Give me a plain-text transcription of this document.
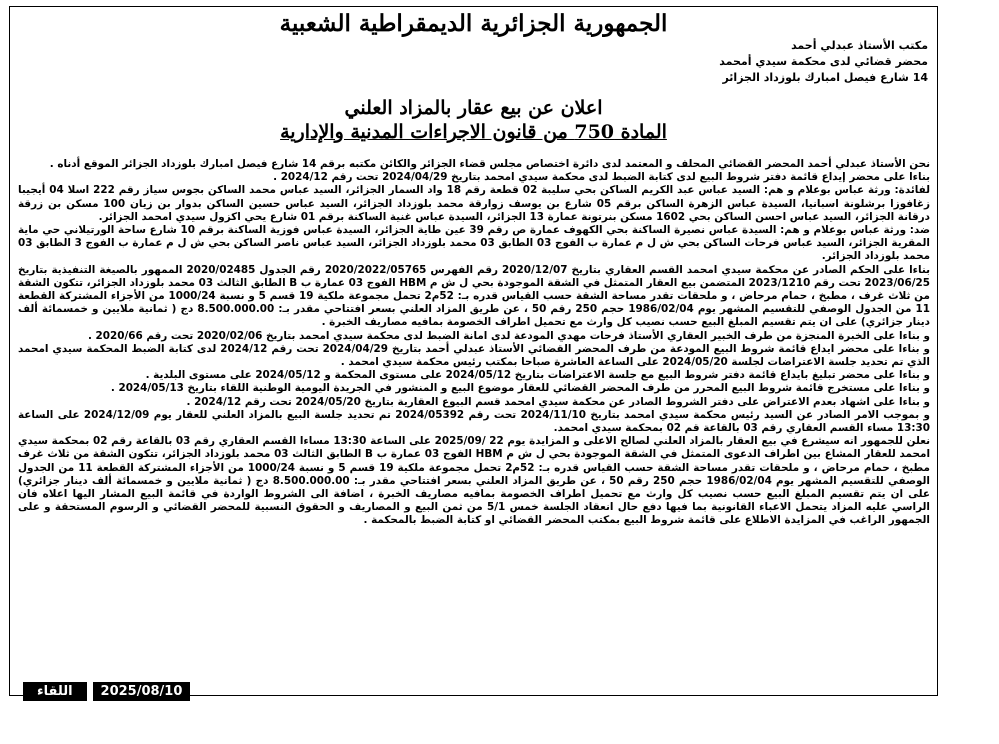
الجمهورية الجزائرية الديمقراطية الشعبية
مكتب الأستاذ عبدلي أحمد
محضر قضائي لدى محكمة سيدي أمحمد
14 شارع فيصل امبارك بلوزداد الجزائر
اعلان عن بيع عقار بالمزاد العلني
المادة 750 من قانون الاجراءات المدنية والإدارية

نحن الأستاذ عبدلي أحمد المحضر القضائي المحلف و المعتمد لدى دائرة اختصاص مجلس قضاء الجزائر والكائن مكتبه برقم 14 شارع فيصل امبارك بلوزداد الجزائر الموقع أدناه .

بناءا على محضر إيداع قائمة دفتر شروط البيع لدى كتابة الضبط لدى محكمة سيدي امحمد بتاريخ 2024/04/29 تحت رقم 2024/12 .

لفائدة: ورثة عباس بوعلام و هم: السيد عباس عبد الكريم الساكن بحي سليبة 02 قطعة رقم 18 واد السمار الجزائر، السيد عباس محمد الساكن بجوس سياز رقم 222 اسلا 04 أيجيبا زغافوزا برشلونة اسبانيا، السيدة عباس الزهرة الساكن برقم 05 شارع بن يوسف زوارقة محمد بلوزداد الجزائر، السيد عباس حسين الساكن بدوار بن زيان 100 مسكن بن زرقة درقانة الجزائر، السيد عباس احسن الساكن بحي 1602 مسكن بنرتونة عمارة 13 الجزائر، السيدة عباس غنية الساكنة برقم 01 شارع يحي اكزول سيدي امحمد الجزائر.

ضد: ورثة عباس بوعلام و هم: السيدة عباس نصيرة الساكنة بحي الكهوف عمارة ص رقم 39 عين طاية الجزائر، السيدة عباس فوزية الساكنة برقم 10 شارع ساحة الورتيلاني حي ماية المقرية الجزائر، السيد عباس فرحات الساكن بحي ش ل م عمارة ب الفوج 03 الطابق 03 محمد بلوزداد الجزائر، السيد عباس ناصر الساكن بحي ش ل م عمارة ب الفوج 3 الطابق 03 محمد بلوزداد الجزائر.

بناءا على الحكم الصادر عن محكمة سيدي امحمد القسم العقاري بتاريخ 2020/12/07 رقم الفهرس 2020/2022/05765 رقم الجدول 2020/02485 الممهور بالصيغة التنفيذية بتاريخ 2023/06/25 تحت رقم 2023/1210 المتضمن بيع العقار المتمثل في الشقة الموجودة بحي ل ش م HBM الفوج 03 عمارة ب B الطابق الثالث 03 محمد بلوزداد الجزائر، تتكون الشقة من ثلاث غرف ، مطبخ ، حمام مرحاض ، و ملحقات تقدر مساحة الشقة حسب القياس قدره بـ: 52م2 تحمل مجموعة ملكية 19 قسم 5 و نسبة 1000/24 من الأجزاء المشتركة القطعة 11 من الجدول الوصفي للتقسيم المشهر يوم 1986/02/04 حجم 250 رقم 50 ، عن طريق المزاد العلني بسعر افتتاحي مقدر بـ: 8.500.000.00 دج ( ثمانية ملايين و خمسمائة ألف دينار جزائري) على ان يتم تقسيم المبلغ البيع حسب نصيب كل وارث مع تحميل اطراف الخصومة بمافيه مصاريف الخبرة .

و بناءا على الخبرة المنجزة من طرف الخبير العقاري الأستاذ فرحات مهدي المودعة لدى امانة الضبط لدى محكمة سيدي امحمد بتاريخ 2020/02/06 تحت رقم 2020/66 .

و بناءا على محضر ايداع قائمة شروط البيع المودعة من طرف المحضر القضائي الأستاذ عبدلي أحمد بتاريخ 2024/04/29 تحت رقم 2024/12 لدى كتابة الضبط المحكمة سيدي امحمد الذي تم تحديد جلسة الاعتراضات لجلسة 2024/05/20 على الساعة العاشرة صباحا بمكتب رئيس محكمة سيدي امحمد .

و بناءا على محضر تبليغ بايداع قائمة دفتر شروط البيع مع جلسة الاعتراضات بتاريخ 2024/05/12 على مستوى المحكمة و 2024/05/12 على مستوى البلدية .

و بناءا على مستخرج قائمة شروط البيع المحرر من طرف المحضر القضائي للعقار موضوع البيع و المنشور في الجريدة اليومية الوطنية اللقاء بتاريخ 2024/05/13 .

و بناءا على اشهاد بعدم الاعتراض على دفتر الشروط الصادر عن محكمة سيدي امحمد قسم البيوع العقارية بتاريخ 2024/05/20 تحت رقم 2024/12 .

و بموجب الامر الصادر عن السيد رئيس محكمة سيدي امحمد بتاريخ 2024/11/10 تحت رقم 2024/05392 تم تحديد جلسة البيع بالمزاد العلني للعقار يوم 2024/12/09 على الساعة 13:30 مساء القسم العقاري رقم 03 بالقاعة قم 02 بمحكمة سيدي امحمد.

نعلن للجمهور انه سيشرع في بيع العقار بالمزاد العلني لصالح الاعلى و المزايدة يوم 22 /2025/09 على الساعة 13:30 مساءا القسم العقاري رقم 03 بالقاعة رقم 02 بمحكمة سيدي امحمد للعقار المشاع بين اطراف الدعوى المتمثل في الشقة الموجودة بحي ل ش م HBM الفوج 03 عمارة ب B الطابق الثالث 03 محمد بلوزداد الجزائر، تتكون الشقة من ثلاث غرف مطبخ ، حمام مرحاض ، و ملحقات تقدر مساحة الشقة حسب القياس قدره بـ: 52م2 تحمل مجموعة ملكية 19 قسم 5 و نسبة 1000/24 من الأجزاء المشتركة القطعة 11 من الجدول الوصفي للتقسيم المشهر يوم 1986/02/04 حجم 250 رقم 50 ، عن طريق المزاد العلني بسعر افتتاحي مقدر بـ: 8.500.000.00 دج ( ثمانية ملايين و خمسمائة ألف دينار جزائري) على ان يتم تقسيم المبلغ البيع حسب نصيب كل وارث مع تحميل اطراف الخصومة بمافيه مصاريف الخبرة ، اضافة الى الشروط الواردة في قائمة البيع المشار اليها اعلاه فان الراسي عليه المزاد يتحمل الاعباء القانونية بما فيها دفع حال انعقاد الجلسة خمس 5/1 من ثمن البيع و المصاريف و الحقوق النسبية للمحضر القضائي و الرسوم المستحقة و على الجمهور الراغب في المزايدة الاطلاع على قائمة شروط البيع بمكتب المحضر القضائي او كتابة الضبط بالمحكمة .

اللقاء	2025/08/10
